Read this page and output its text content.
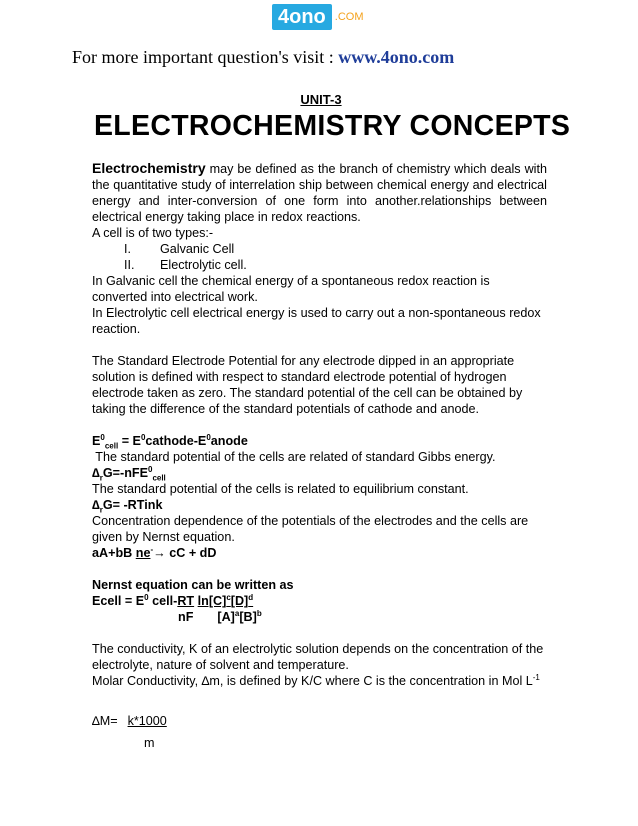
4ono .COM
For more important question's visit : www.4ono.com
UNIT-3
ELECTROCHEMISTRY CONCEPTS

Electrochemistry may be defined as the branch of chemistry which deals with the quantitative study of interrelation ship between chemical energy and electrical energy and inter-conversion of one form into another.relationships between electrical energy taking place in redox reactions.

A cell is of two types:-

I.	Galvanic Cell
II.	Electrolytic cell.

In Galvanic cell the chemical energy of a spontaneous redox reaction is converted into electrical work.

In Electrolytic cell electrical energy is used to carry out a non-spontaneous redox reaction.

The Standard Electrode Potential for any electrode dipped in an appropriate solution is defined with respect to standard electrode potential of hydrogen electrode taken as zero. The standard potential of the cell can be obtained by taking the difference of the standard potentials of cathode and anode.

$E^0_{cell}$ = $E^0cathode-E^0anode$

The standard potential of the cells are related of standard Gibbs energy.

$\Delta_rG=-nFE^0_{cell}$

The standard potential of the cells is related to equilibrium constant.

$\Delta_rG=$ -RTink

Concentration dependence of the potentials of the electrodes and the cells are given by Nernst equation.

aA+bB ne-→ cC + dD

Nernst equation can be written as

Ecell = $E^0$ cell-RT $\ln[C]^c[D]^d$

nF $[A]^a[B]^b$

The conductivity, K of an electrolytic solution depends on the concentration of the electrolyte, nature of solvent and temperature.

Molar Conductivity, ∆m, is defined by K/C where C is the concentration in Mol $L^{-1}$

∆M= k*1000

m
